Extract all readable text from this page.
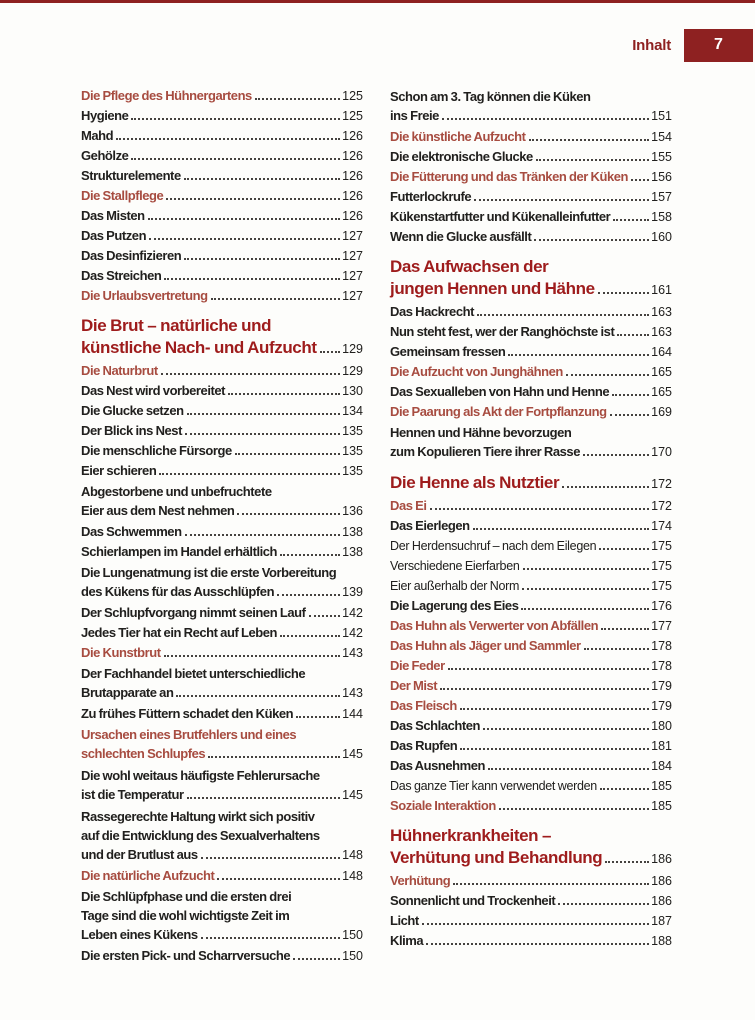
Inhalt	7
Die Pflege des Hühnergartens	125
Hygiene	125
Mahd	126
Gehölze	126
Strukturelemente	126
Die Stallpflege	126
Das Misten	126
Das Putzen	127
Das Desinfizieren	127
Das Streichen	127
Die Urlaubsvertretung	127
Die Brut – natürliche und
künstliche Nach- und Aufzucht 129
Die Naturbrut	129
Das Nest wird vorbereitet	130
Die Glucke setzen	134
Der Blick ins Nest	135
Die menschliche Fürsorge	135
Eier schieren	135
Abgestorbene und unbefruchtete
Eier aus dem Nest nehmen	136
Das Schwemmen	138
Schierlampen im Handel erhältlich	138
Die Lungenatmung ist die erste Vorbereitung
des Kükens für das Ausschlüpfen	139
Der Schlupfvorgang nimmt seinen Lauf	142
Jedes Tier hat ein Recht auf Leben	142
Die Kunstbrut	143
Der Fachhandel bietet unterschiedliche
Brutapparate an	143
Zu frühes Füttern schadet den Küken	144
Ursachen eines Brutfehlers und eines
schlechten Schlupfes	145
Die wohl weitaus häufigste Fehlerursache
ist die Temperatur	145
Rassegerechte Haltung wirkt sich positiv
auf die Entwicklung des Sexualverhaltens
und der Brutlust aus	148
Die natürliche Aufzucht	148
Die Schlüpfphase und die ersten drei
Tage sind die wohl wichtigste Zeit im
Leben eines Kükens	150
Die ersten Pick- und Scharrversuche	150
Schon am 3. Tag können die Küken
ins Freie	151
Die künstliche Aufzucht	154
Die elektronische Glucke	155
Die Fütterung und das Tränken der Küken 156
Futterlockrufe	157
Kükenstartfutter und Kükenalleinfutter	158
Wenn die Glucke ausfällt	160
Das Aufwachsen der
jungen Hennen und Hähne	161
Das Hackrecht	163
Nun steht fest, wer der Ranghöchste ist	163
Gemeinsam fressen	164
Die Aufzucht von Junghähnen	165
Das Sexualleben von Hahn und Henne	165
Die Paarung als Akt der Fortpflanzung	169
Hennen und Hähne bevorzugen
zum Kopulieren Tiere ihrer Rasse	170
Die Henne als Nutztier	172
Das Ei	172
Das Eierlegen	174
Der Herdensuchruf – nach dem Eilegen	175
Verschiedene Eierfarben	175
Eier außerhalb der Norm	175
Die Lagerung des Eies	176
Das Huhn als Verwerter von Abfällen	177
Das Huhn als Jäger und Sammler	178
Die Feder	178
Der Mist	179
Das Fleisch	179
Das Schlachten	180
Das Rupfen	181
Das Ausnehmen	184
Das ganze Tier kann verwendet werden	185
Soziale Interaktion	185
Hühnerkrankheiten –
Verhütung und Behandlung	186
Verhütung	186
Sonnenlicht und Trockenheit	186
Licht	187
Klima	188
